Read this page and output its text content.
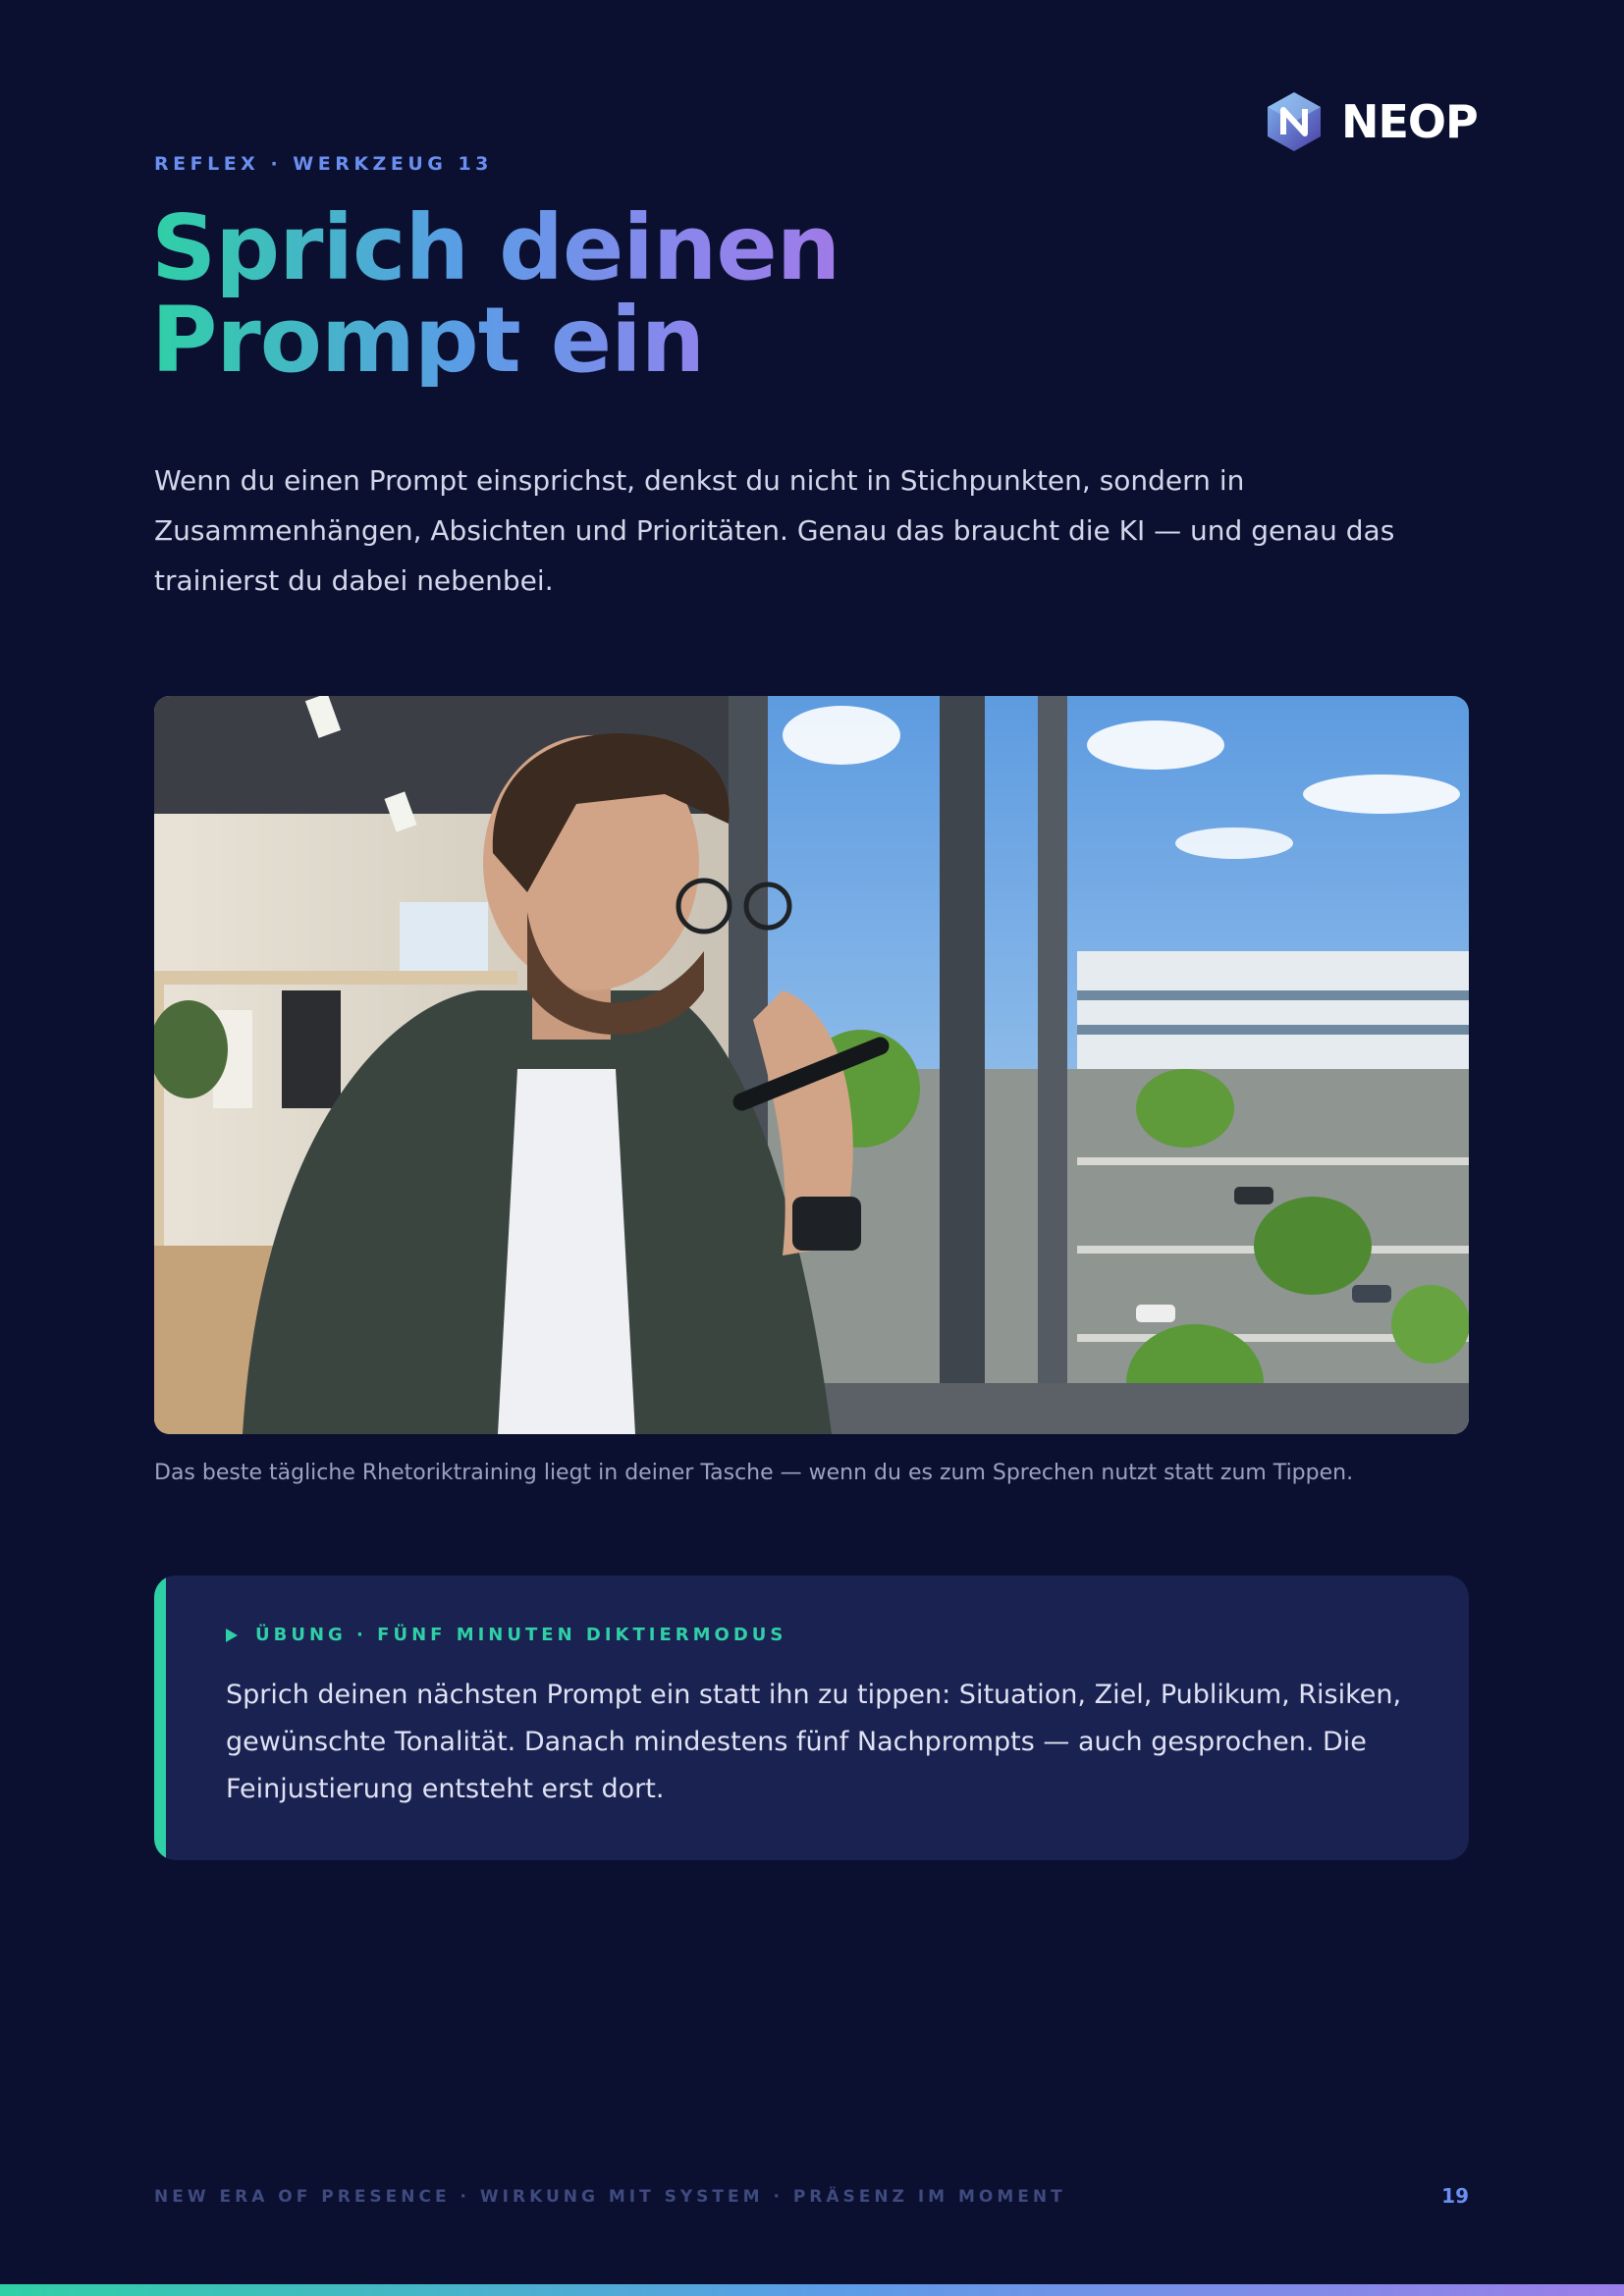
NEOP
REFLEX · WERKZEUG 13
Sprich deinen
Prompt ein

Wenn du einen Prompt einsprichst, denkst du nicht in Stichpunkten, sondern in Zusammenhängen, Absichten und Prioritäten. Genau das braucht die KI — und genau das trainierst du dabei nebenbei.

Das beste tägliche Rhetoriktraining liegt in deiner Tasche — wenn du es zum Sprechen nutzt statt zum Tippen.

ÜBUNG · FÜNF MINUTEN DIKTIERMODUS

Sprich deinen nächsten Prompt ein statt ihn zu tippen: Situation, Ziel, Publikum, Risiken, gewünschte Tonalität. Danach mindestens fünf Nachprompts — auch gesprochen. Die Feinjustierung entsteht erst dort.

NEW ERA OF PRESENCE · WIRKUNG MIT SYSTEM · PRÄSENZ IM MOMENT	19
